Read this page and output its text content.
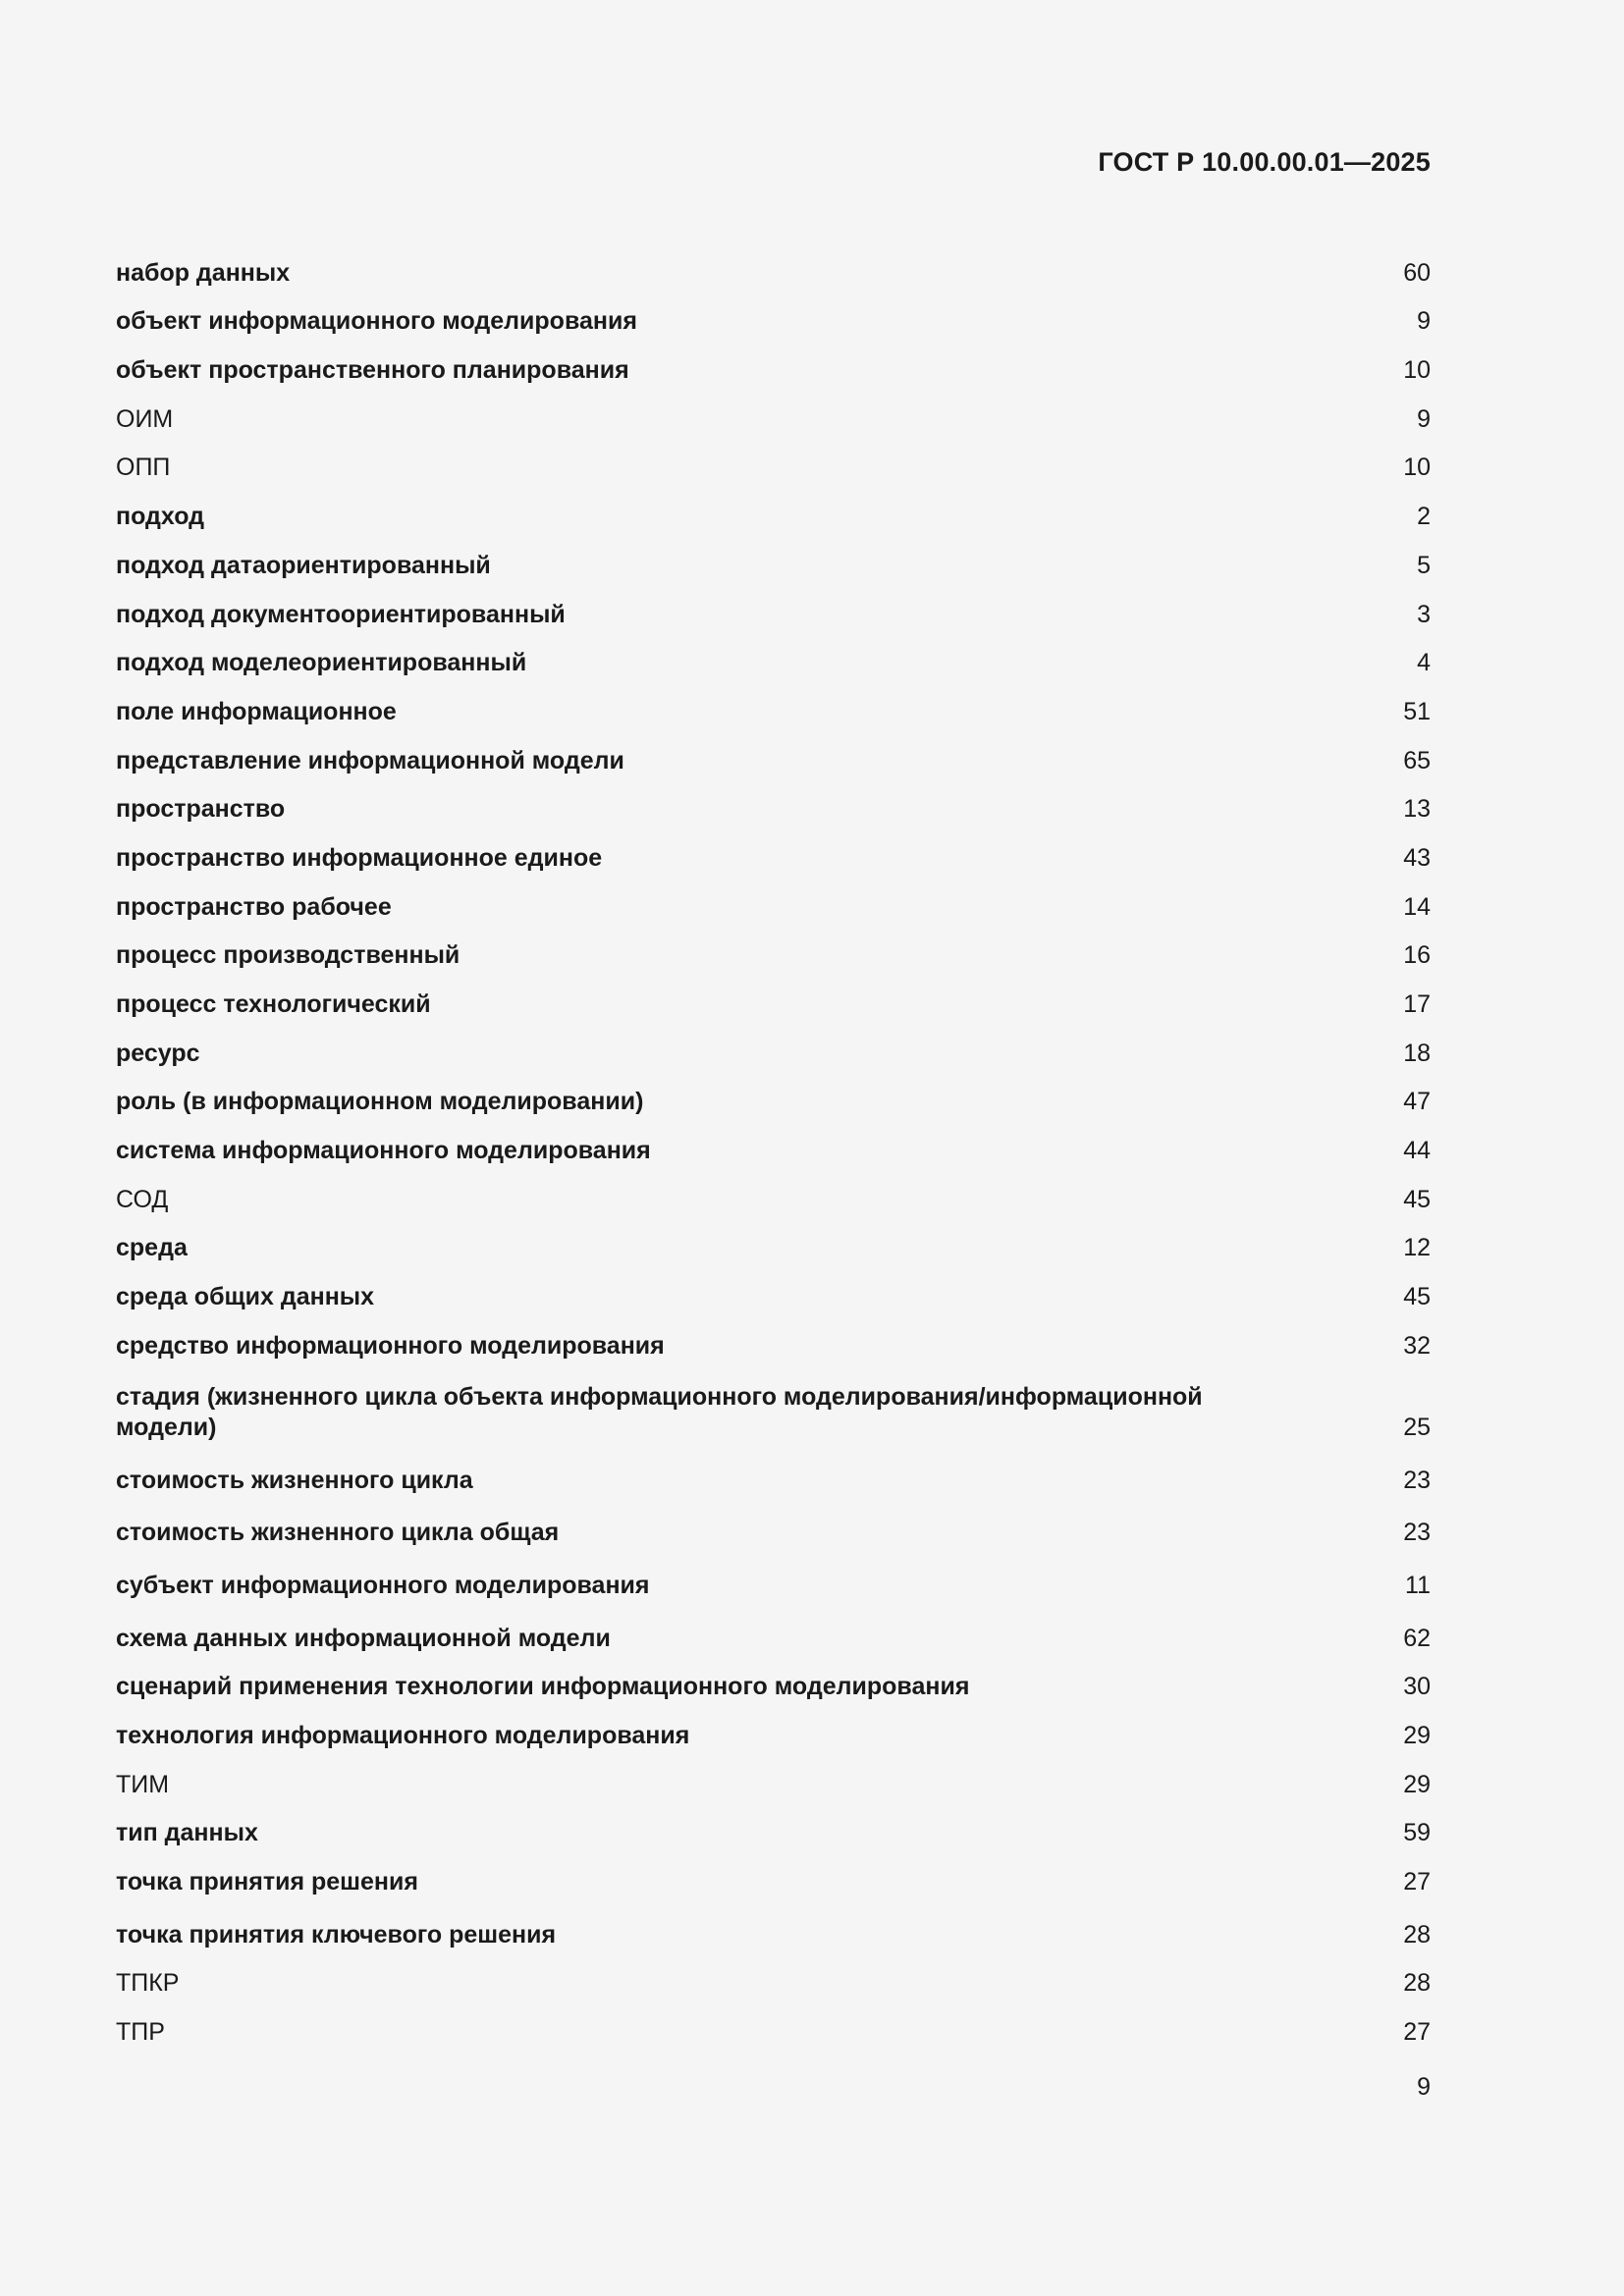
ГОСТ Р 10.00.00.01—2025
набор данных	60
объект информационного моделирования	9
объект пространственного планирования	10
ОИМ	9
ОПП	10
подход	2
подход датаориентированный	5
подход документоориентированный	3
подход моделеориентированный	4
поле информационное	51
представление информационной модели	65
пространство	13
пространство информационное единое	43
пространство рабочее	14
процесс производственный	16
процесс технологический	17
ресурс	18
роль (в информационном моделировании)	47
система информационного моделирования	44
СОД	45
среда	12
среда общих данных	45
средство информационного моделирования	32
стадия (жизненного цикла объекта информационного моделирования/информационной модели)	25
стоимость жизненного цикла	23
стоимость жизненного цикла общая	23
субъект информационного моделирования	11
схема данных информационной модели	62
сценарий применения технологии информационного моделирования	30
технология информационного моделирования	29
ТИМ	29
тип данных	59
точка принятия решения	27
точка принятия ключевого решения	28
ТПКР	28
ТПР	27
9
